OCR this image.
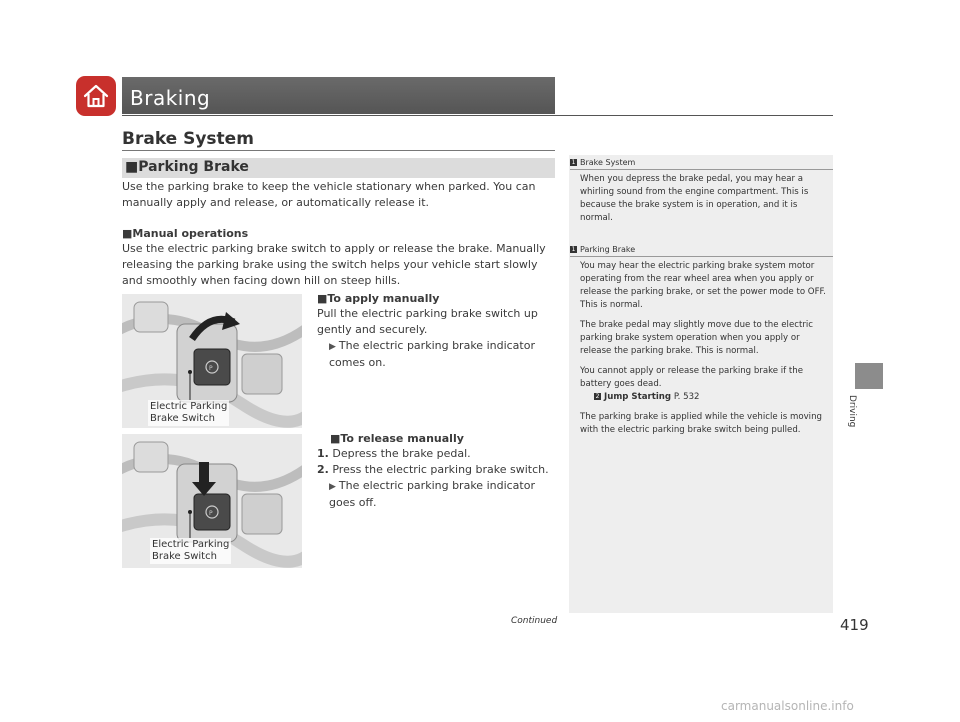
Braking
Brake System
■Parking Brake
Use the parking brake to keep the vehicle stationary when parked. You can manually apply and release, or automatically release it.
■Manual operations
Use the electric parking brake switch to apply or release the brake. Manually releasing the parking brake using the switch helps your vehicle start slowly and smoothly when facing down hill on steep hills.
P
Electric Parking
Brake Switch
P
Electric Parking
Brake Switch
■To apply manually
Pull the electric parking brake switch up gently and securely.
▶ The electric parking brake indicator comes on.
■To release manually
1. Depress the brake pedal.
2. Press the electric parking brake switch.
▶ The electric parking brake indicator goes off.
1 Brake System
When you depress the brake pedal, you may hear a whirling sound from the engine compartment. This is because the brake system is in operation, and it is normal.
1 Parking Brake
You may hear the electric parking brake system motor operating from the rear wheel area when you apply or release the parking brake, or set the power mode to OFF. This is normal.
The brake pedal may slightly move due to the electric parking brake system operation when you apply or release the parking brake. This is normal.
You cannot apply or release the parking brake if the battery goes dead.
2 Jump Starting P. 532
The parking brake is applied while the vehicle is moving with the electric parking brake switch being pulled.
Driving
Continued	419
carmanualsonline.info
